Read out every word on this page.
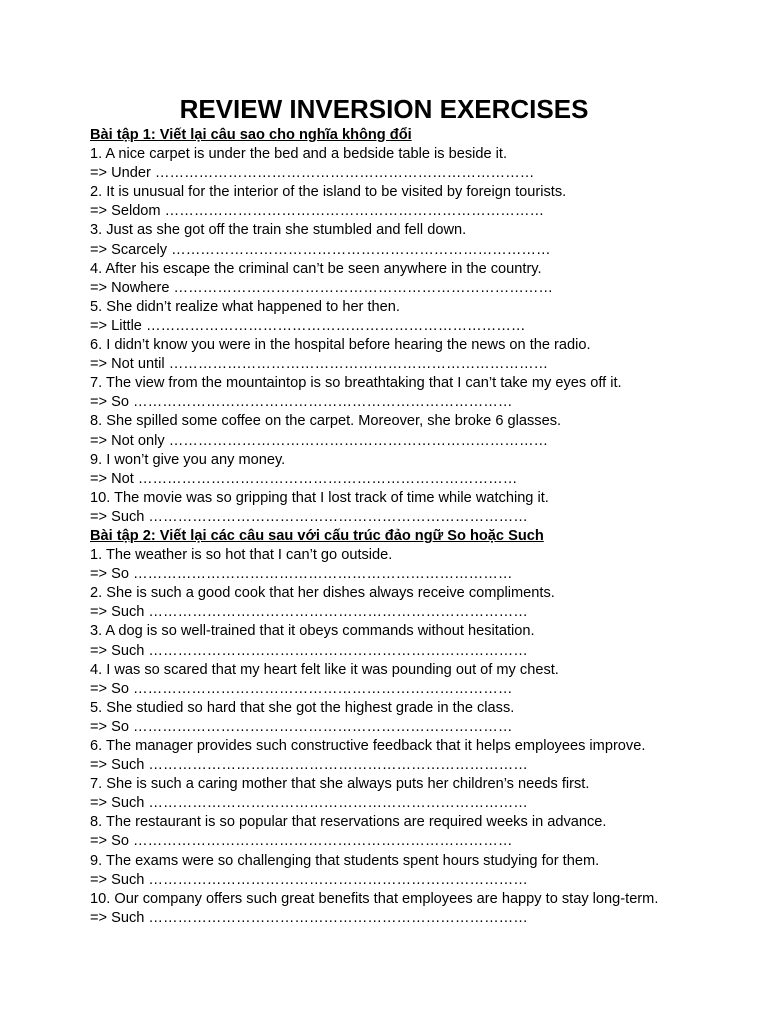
REVIEW INVERSION EXERCISES
Bài tập 1: Viết lại câu sao cho nghĩa không đổi
1. A nice carpet is under the bed and a bedside table is beside it.
=> Under ……………………………………………………………………
2. It is unusual for the interior of the island to be visited by foreign tourists.
=> Seldom ……………………………………………………………………
3. Just as she got off the train she stumbled and fell down.
=> Scarcely ……………………………………………………………………
4. After his escape the criminal can’t be seen anywhere in the country.
=> Nowhere ……………………………………………………………………
5. She didn’t realize what happened to her then.
=> Little ……………………………………………………………………
6. I didn’t know you were in the hospital before hearing the news on the radio.
=> Not until ……………………………………………………………………
7. The view from the mountaintop is so breathtaking that I can’t take my eyes off it.
=> So ……………………………………………………………………
8. She spilled some coffee on the carpet. Moreover, she broke 6 glasses.
=> Not only ……………………………………………………………………
9. I won’t give you any money.
=> Not ……………………………………………………………………
10. The movie was so gripping that I lost track of time while watching it.
=> Such ……………………………………………………………………
Bài tập 2: Viết lại các câu sau với cấu trúc đảo ngữ So hoặc Such
1. The weather is so hot that I can’t go outside.
=> So ……………………………………………………………………
2. She is such a good cook that her dishes always receive compliments.
=> Such ……………………………………………………………………
3. A dog is so well-trained that it obeys commands without hesitation.
=> Such ……………………………………………………………………
4. I was so scared that my heart felt like it was pounding out of my chest.
=> So ……………………………………………………………………
5. She studied so hard that she got the highest grade in the class.
=> So ……………………………………………………………………
6. The manager provides such constructive feedback that it helps employees improve.
=> Such ……………………………………………………………………
7. She is such a caring mother that she always puts her children’s needs first.
=> Such ……………………………………………………………………
8. The restaurant is so popular that reservations are required weeks in advance.
=> So ……………………………………………………………………
9. The exams were so challenging that students spent hours studying for them.
=> Such ……………………………………………………………………
10. Our company offers such great benefits that employees are happy to stay long-term.
=> Such ……………………………………………………………………
